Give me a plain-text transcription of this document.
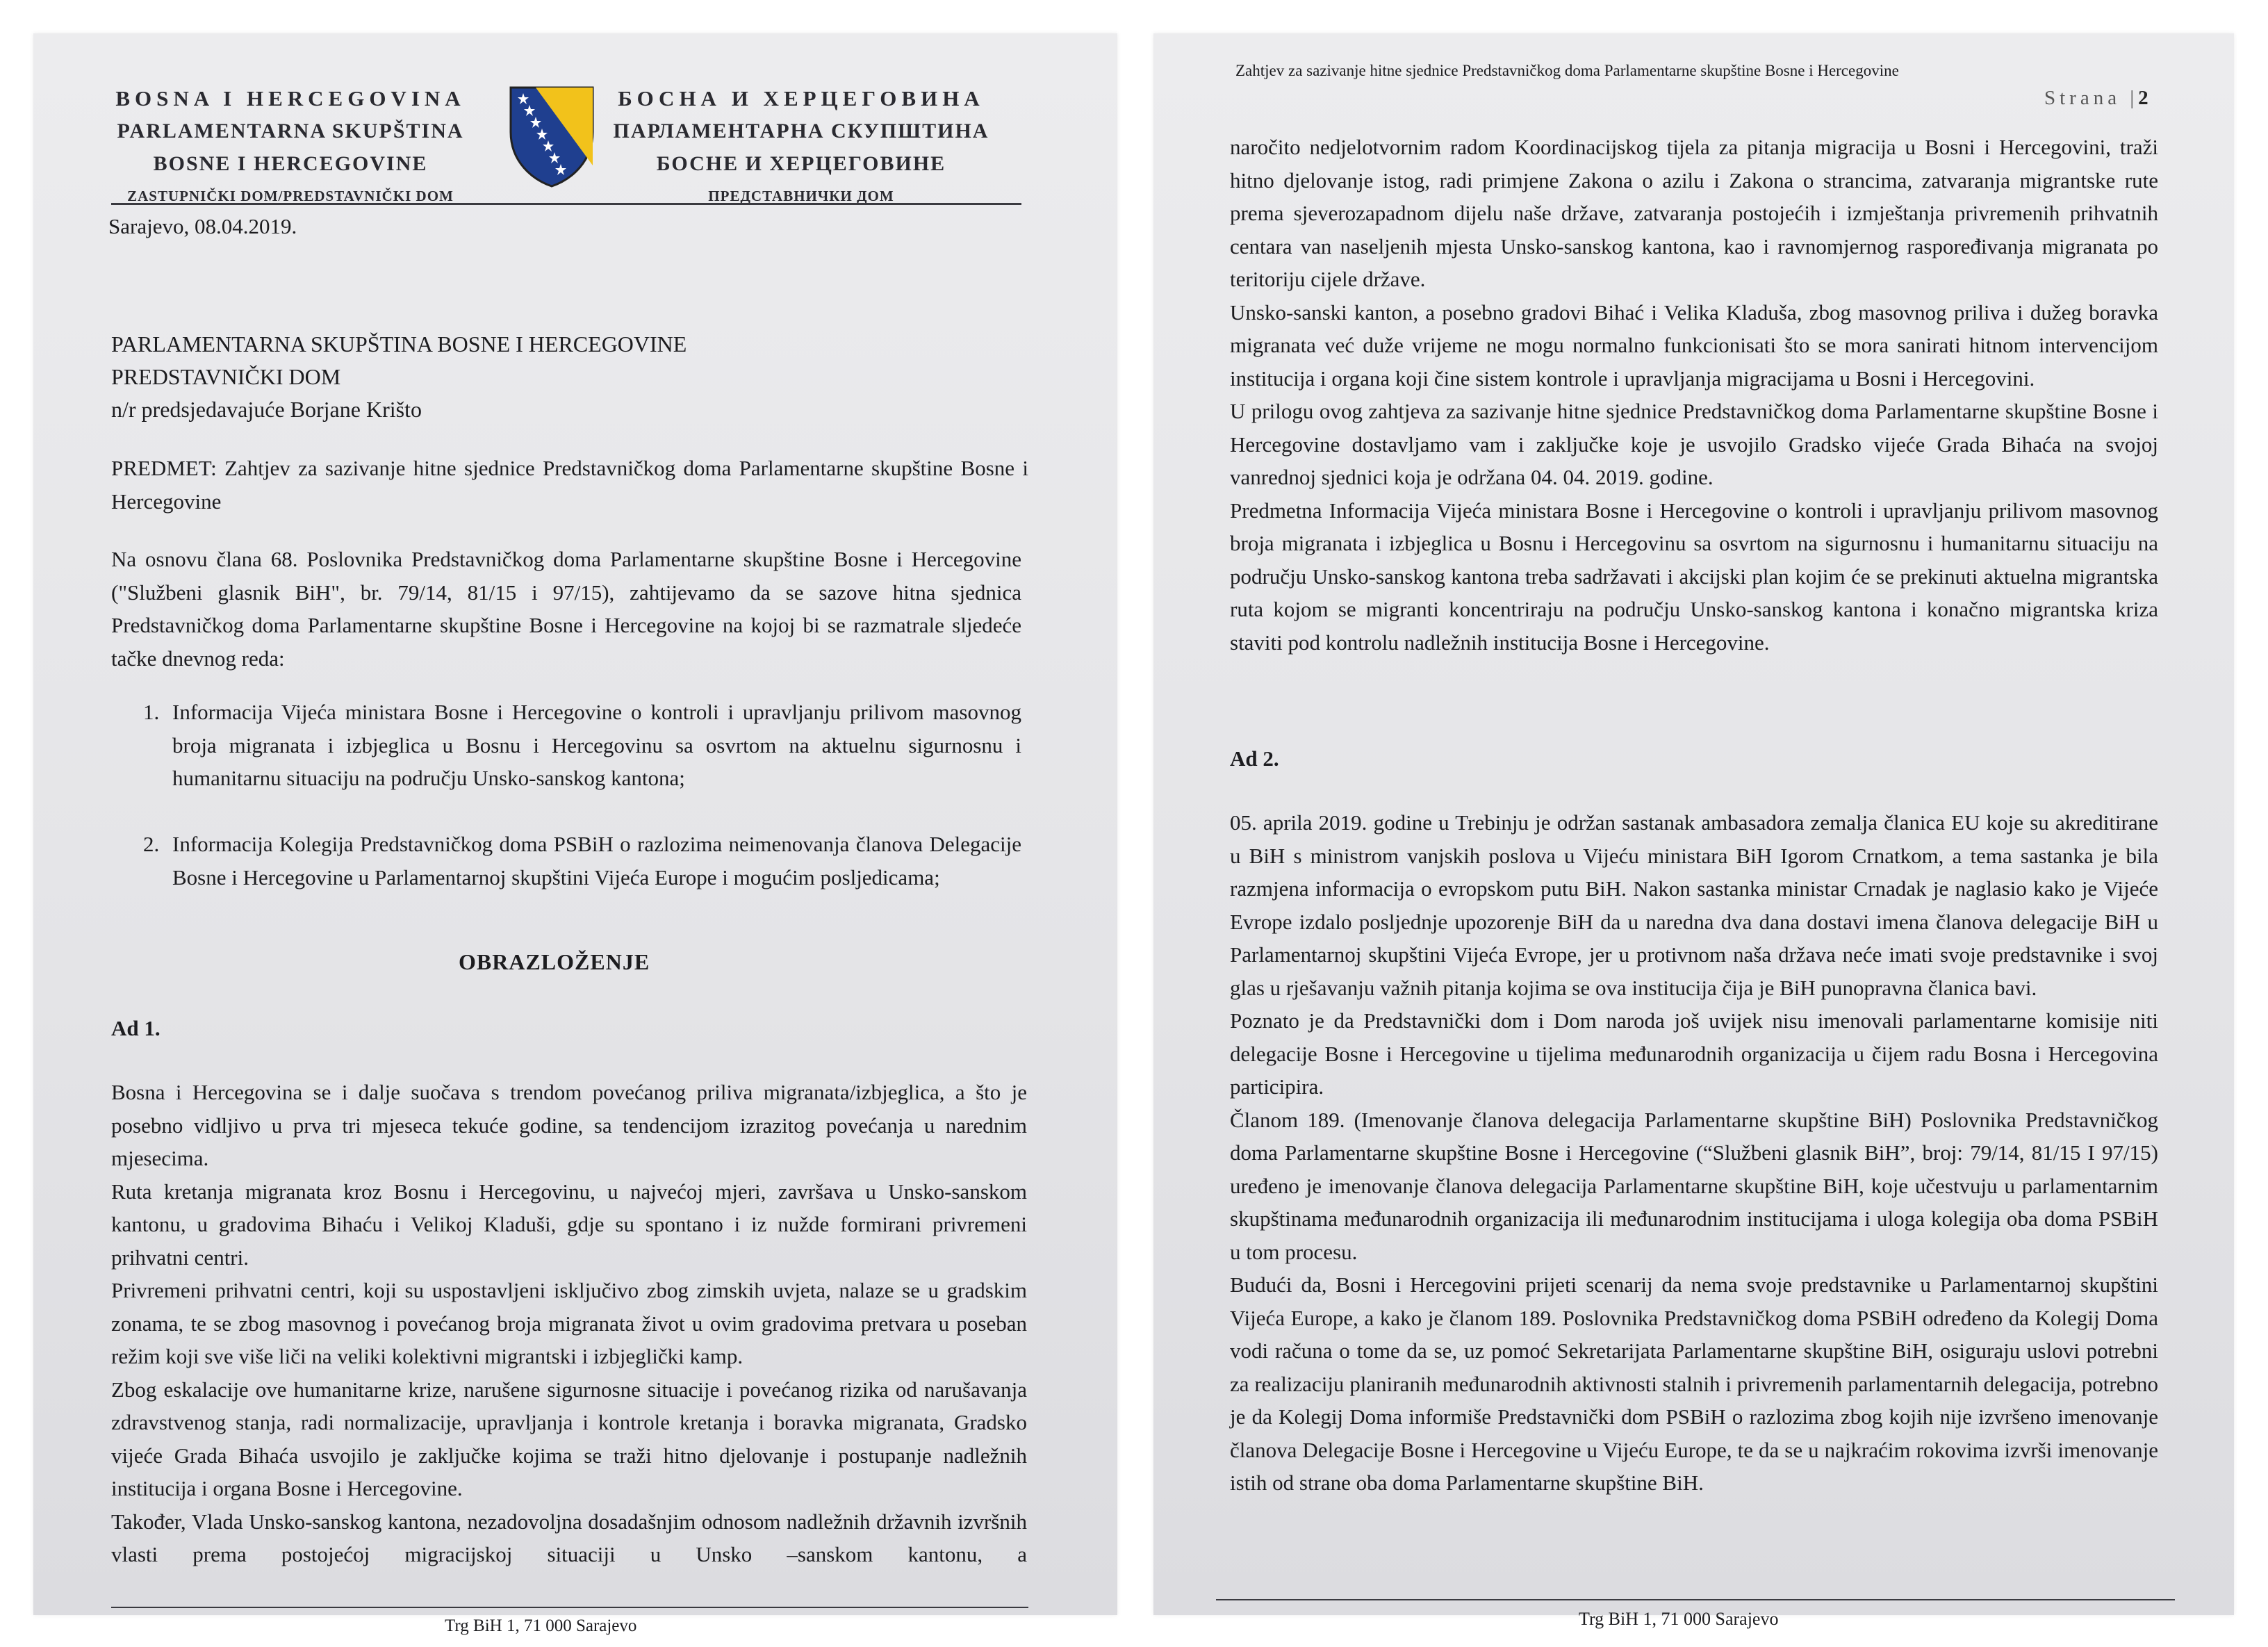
BOSNA I HERCEGOVINA
PARLAMENTARNA SKUPŠTINA
BOSNE I HERCEGOVINE
ZASTUPNIČKI DOM/PREDSTAVNIČKI DOM
БОСНА И ХЕРЦЕГОВИНА
ПАРЛАМЕНТАРНА СКУПШТИНА
БОСНЕ И ХЕРЦЕГОВИНЕ
ПРЕДСТАВНИЧКИ ДОМ
Sarajevo, 08.04.2019.
PARLAMENTARNA SKUPŠTINA BOSNE I HERCEGOVINE
PREDSTAVNIČKI DOM
n/r predsjedavajuće Borjane Krišto

PREDMET: Zahtjev za sazivanje hitne sjednice Predstavničkog doma Parlamentarne skupštine Bosne i Hercegovine

Na osnovu člana 68. Poslovnika Predstavničkog doma Parlamentarne skupštine Bosne i Hercegovine ("Službeni glasnik BiH", br. 79/14, 81/15 i 97/15), zahtijevamo da se sazove hitna sjednica Predstavničkog doma Parlamentarne skupštine Bosne i Hercegovine na kojoj bi se razmatrale sljedeće tačke dnevnog reda:

1. Informacija Vijeća ministara Bosne i Hercegovine o kontroli i upravljanju prilivom masovnog broja migranata i izbjeglica u Bosnu i Hercegovinu sa osvrtom na aktuelnu sigurnosnu i humanitarnu situaciju na području Unsko-sanskog kantona;

2. Informacija Kolegija Predstavničkog doma PSBiH o razlozima neimenovanja članova Delegacije Bosne i Hercegovine u Parlamentarnoj skupštini Vijeća Europe i mogućim posljedicama;

OBRAZLOŽENJE
Ad 1.

Bosna i Hercegovina se i dalje suočava s trendom povećanog priliva migranata/izbjeglica, a što je posebno vidljivo u prva tri mjeseca tekuće godine, sa tendencijom izrazitog povećanja u narednim mjesecima.

Ruta kretanja migranata kroz Bosnu i Hercegovinu, u najvećoj mjeri, završava u Unsko-sanskom kantonu, u gradovima Bihaću i Velikoj Kladuši, gdje su spontano i iz nužde formirani privremeni prihvatni centri.

Privremeni prihvatni centri, koji su uspostavljeni isključivo zbog zimskih uvjeta, nalaze se u gradskim zonama, te se zbog masovnog i povećanog broja migranata život u ovim gradovima pretvara u poseban režim koji sve više liči na veliki kolektivni migrantski i izbjeglički kamp.

Zbog eskalacije ove humanitarne krize, narušene sigurnosne situacije i povećanog rizika od narušavanja zdravstvenog stanja, radi normalizacije, upravljanja i kontrole kretanja i boravka migranata, Gradsko vijeće Grada Bihaća usvojilo je zaključke kojima se traži hitno djelovanje i postupanje nadležnih institucija i organa Bosne i Hercegovine.

Također, Vlada Unsko-sanskog kantona, nezadovoljna dosadašnjim odnosom nadležnih državnih izvršnih vlasti prema postojećoj migracijskoj situaciji u Unsko –sanskom kantonu, a

Trg BiH 1, 71 000 Sarajevo
Zahtjev za sazivanje hitne sjednice Predstavničkog doma Parlamentarne skupštine Bosne i Hercegovine
Strana |2

naročito nedjelotvornim radom Koordinacijskog tijela za pitanja migracija u Bosni i Hercegovini, traži hitno djelovanje istog, radi primjene Zakona o azilu i Zakona o strancima, zatvaranja migrantske rute prema sjeverozapadnom dijelu naše države, zatvaranja postojećih i izmještanja privremenih prihvatnih centara van naseljenih mjesta Unsko-sanskog kantona, kao i ravnomjernog raspoređivanja migranata po teritoriju cijele države.

Unsko-sanski kanton, a posebno gradovi Bihać i Velika Kladuša, zbog masovnog priliva i dužeg boravka migranata već duže vrijeme ne mogu normalno funkcionisati što se mora sanirati hitnom intervencijom institucija i organa koji čine sistem kontrole i upravljanja migracijama u Bosni i Hercegovini.

U prilogu ovog zahtjeva za sazivanje hitne sjednice Predstavničkog doma Parlamentarne skupštine Bosne i Hercegovine dostavljamo vam i zaključke koje je usvojilo Gradsko vijeće Grada Bihaća na svojoj vanrednoj sjednici koja je održana 04. 04. 2019. godine.

Predmetna Informacija Vijeća ministara Bosne i Hercegovine o kontroli i upravljanju prilivom masovnog broja migranata i izbjeglica u Bosnu i Hercegovinu sa osvrtom na sigurnosnu i humanitarnu situaciju na području Unsko-sanskog kantona treba sadržavati i akcijski plan kojim će se prekinuti aktuelna migrantska ruta kojom se migranti koncentriraju na području Unsko-sanskog kantona i konačno migrantska kriza staviti pod kontrolu nadležnih institucija Bosne i Hercegovine.

Ad 2.

05. aprila 2019. godine u Trebinju je održan sastanak ambasadora zemalja članica EU koje su akreditirane u BiH s ministrom vanjskih poslova u Vijeću ministara BiH Igorom Crnatkom, a tema sastanka je bila razmjena informacija o evropskom putu BiH. Nakon sastanka ministar Crnadak je naglasio kako je Vijeće Evrope izdalo posljednje upozorenje BiH da u naredna dva dana dostavi imena članova delegacije BiH u Parlamentarnoj skupštini Vijeća Evrope, jer u protivnom naša država neće imati svoje predstavnike i svoj glas u rješavanju važnih pitanja kojima se ova institucija čija je BiH punopravna članica bavi.

Poznato je da Predstavnički dom i Dom naroda još uvijek nisu imenovali parlamentarne komisije niti delegacije Bosne i Hercegovine u tijelima međunarodnih organizacija u čijem radu Bosna i Hercegovina participira.

Članom 189. (Imenovanje članova delegacija Parlamentarne skupštine BiH) Poslovnika Predstavničkog doma Parlamentarne skupštine Bosne i Hercegovine (“Službeni glasnik BiH”, broj: 79/14, 81/15 I 97/15) uređeno je imenovanje članova delegacija Parlamentarne skupštine BiH, koje učestvuju u parlamentarnim skupštinama međunarodnih organizacija ili međunarodnim institucijama i uloga kolegija oba doma PSBiH u tom procesu.

Budući da, Bosni i Hercegovini prijeti scenarij da nema svoje predstavnike u Parlamentarnoj skupštini Vijeća Europe, a kako je članom 189. Poslovnika Predstavničkog doma PSBiH određeno da Kolegij Doma vodi računa o tome da se, uz pomoć Sekretarijata Parlamentarne skupštine BiH, osiguraju uslovi potrebni za realizaciju planiranih međunarodnih aktivnosti stalnih i privremenih parlamentarnih delegacija, potrebno je da Kolegij Doma informiše Predstavnički dom PSBiH o razlozima zbog kojih nije izvršeno imenovanje članova Delegacije Bosne i Hercegovine u Vijeću Europe, te da se u najkraćim rokovima izvrši imenovanje istih od strane oba doma Parlamentarne skupštine BiH.

Trg BiH 1, 71 000 Sarajevo
